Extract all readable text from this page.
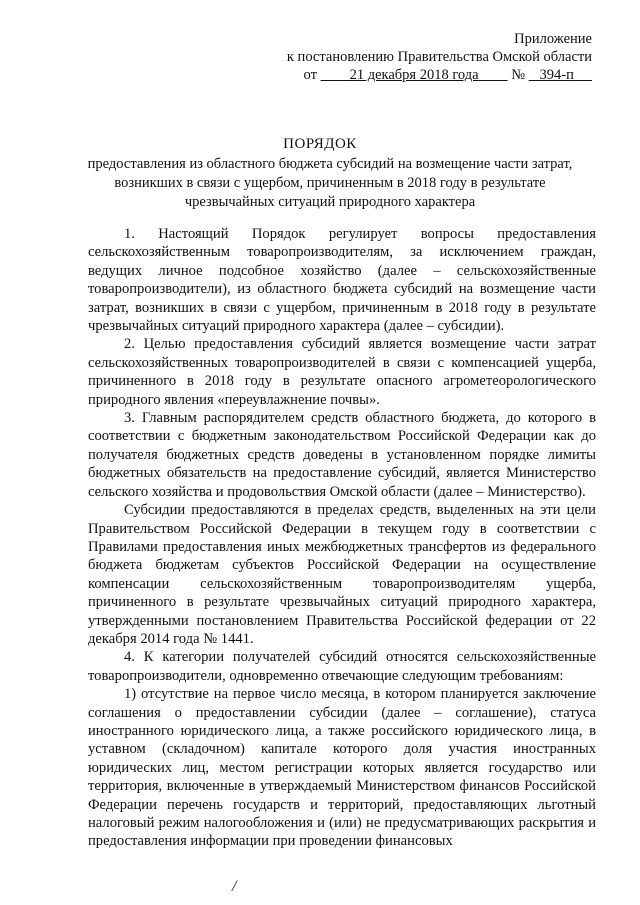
Приложение
к постановлению Правительства Омской области
от 21 декабря 2018 года № 394-п
ПОРЯДОК
предоставления из областного бюджета субсидий на возмещение части затрат, возникших в связи с ущербом, причиненным в 2018 году в результате чрезвычайных ситуаций природного характера

1. Настоящий Порядок регулирует вопросы предоставления сельскохозяйственным товаропроизводителям, за исключением граждан, ведущих личное подсобное хозяйство (далее – сельскохозяйственные товаропроизводители), из областного бюджета субсидий на возмещение части затрат, возникших в связи с ущербом, причиненным в 2018 году в результате чрезвычайных ситуаций природного характера (далее – субсидии).

2. Целью предоставления субсидий является возмещение части затрат сельскохозяйственных товаропроизводителей в связи с компенсацией ущерба, причиненного в 2018 году в результате опасного агрометеорологического природного явления «переувлажнение почвы».

3. Главным распорядителем средств областного бюджета, до которого в соответствии с бюджетным законодательством Российской Федерации как до получателя бюджетных средств доведены в установленном порядке лимиты бюджетных обязательств на предоставление субсидий, является Министерство сельского хозяйства и продовольствия Омской области (далее – Министерство).

Субсидии предоставляются в пределах средств, выделенных на эти цели Правительством Российской Федерации в текущем году в соответствии с Правилами предоставления иных межбюджетных трансфертов из федерального бюджета бюджетам субъектов Российской Федерации на осуществление компенсации сельскохозяйственным товаропроизводителям ущерба, причиненного в результате чрезвычайных ситуаций природного характера, утвержденными постановлением Правительства Российской федерации от 22 декабря 2014 года № 1441.

4. К категории получателей субсидий относятся сельскохозяйственные товаропроизводители, одновременно отвечающие следующим требованиям:

1) отсутствие на первое число месяца, в котором планируется заключение соглашения о предоставлении субсидии (далее – соглашение), статуса иностранного юридического лица, а также российского юридического лица, в уставном (складочном) капитале которого доля участия иностранных юридических лиц, местом регистрации которых является государство или территория, включенные в утверждаемый Министерством финансов Российской Федерации перечень государств и территорий, предоставляющих льготный налоговый режим налогообложения и (или) не предусматривающих раскрытия и предоставления информации при проведении финансовых

/
